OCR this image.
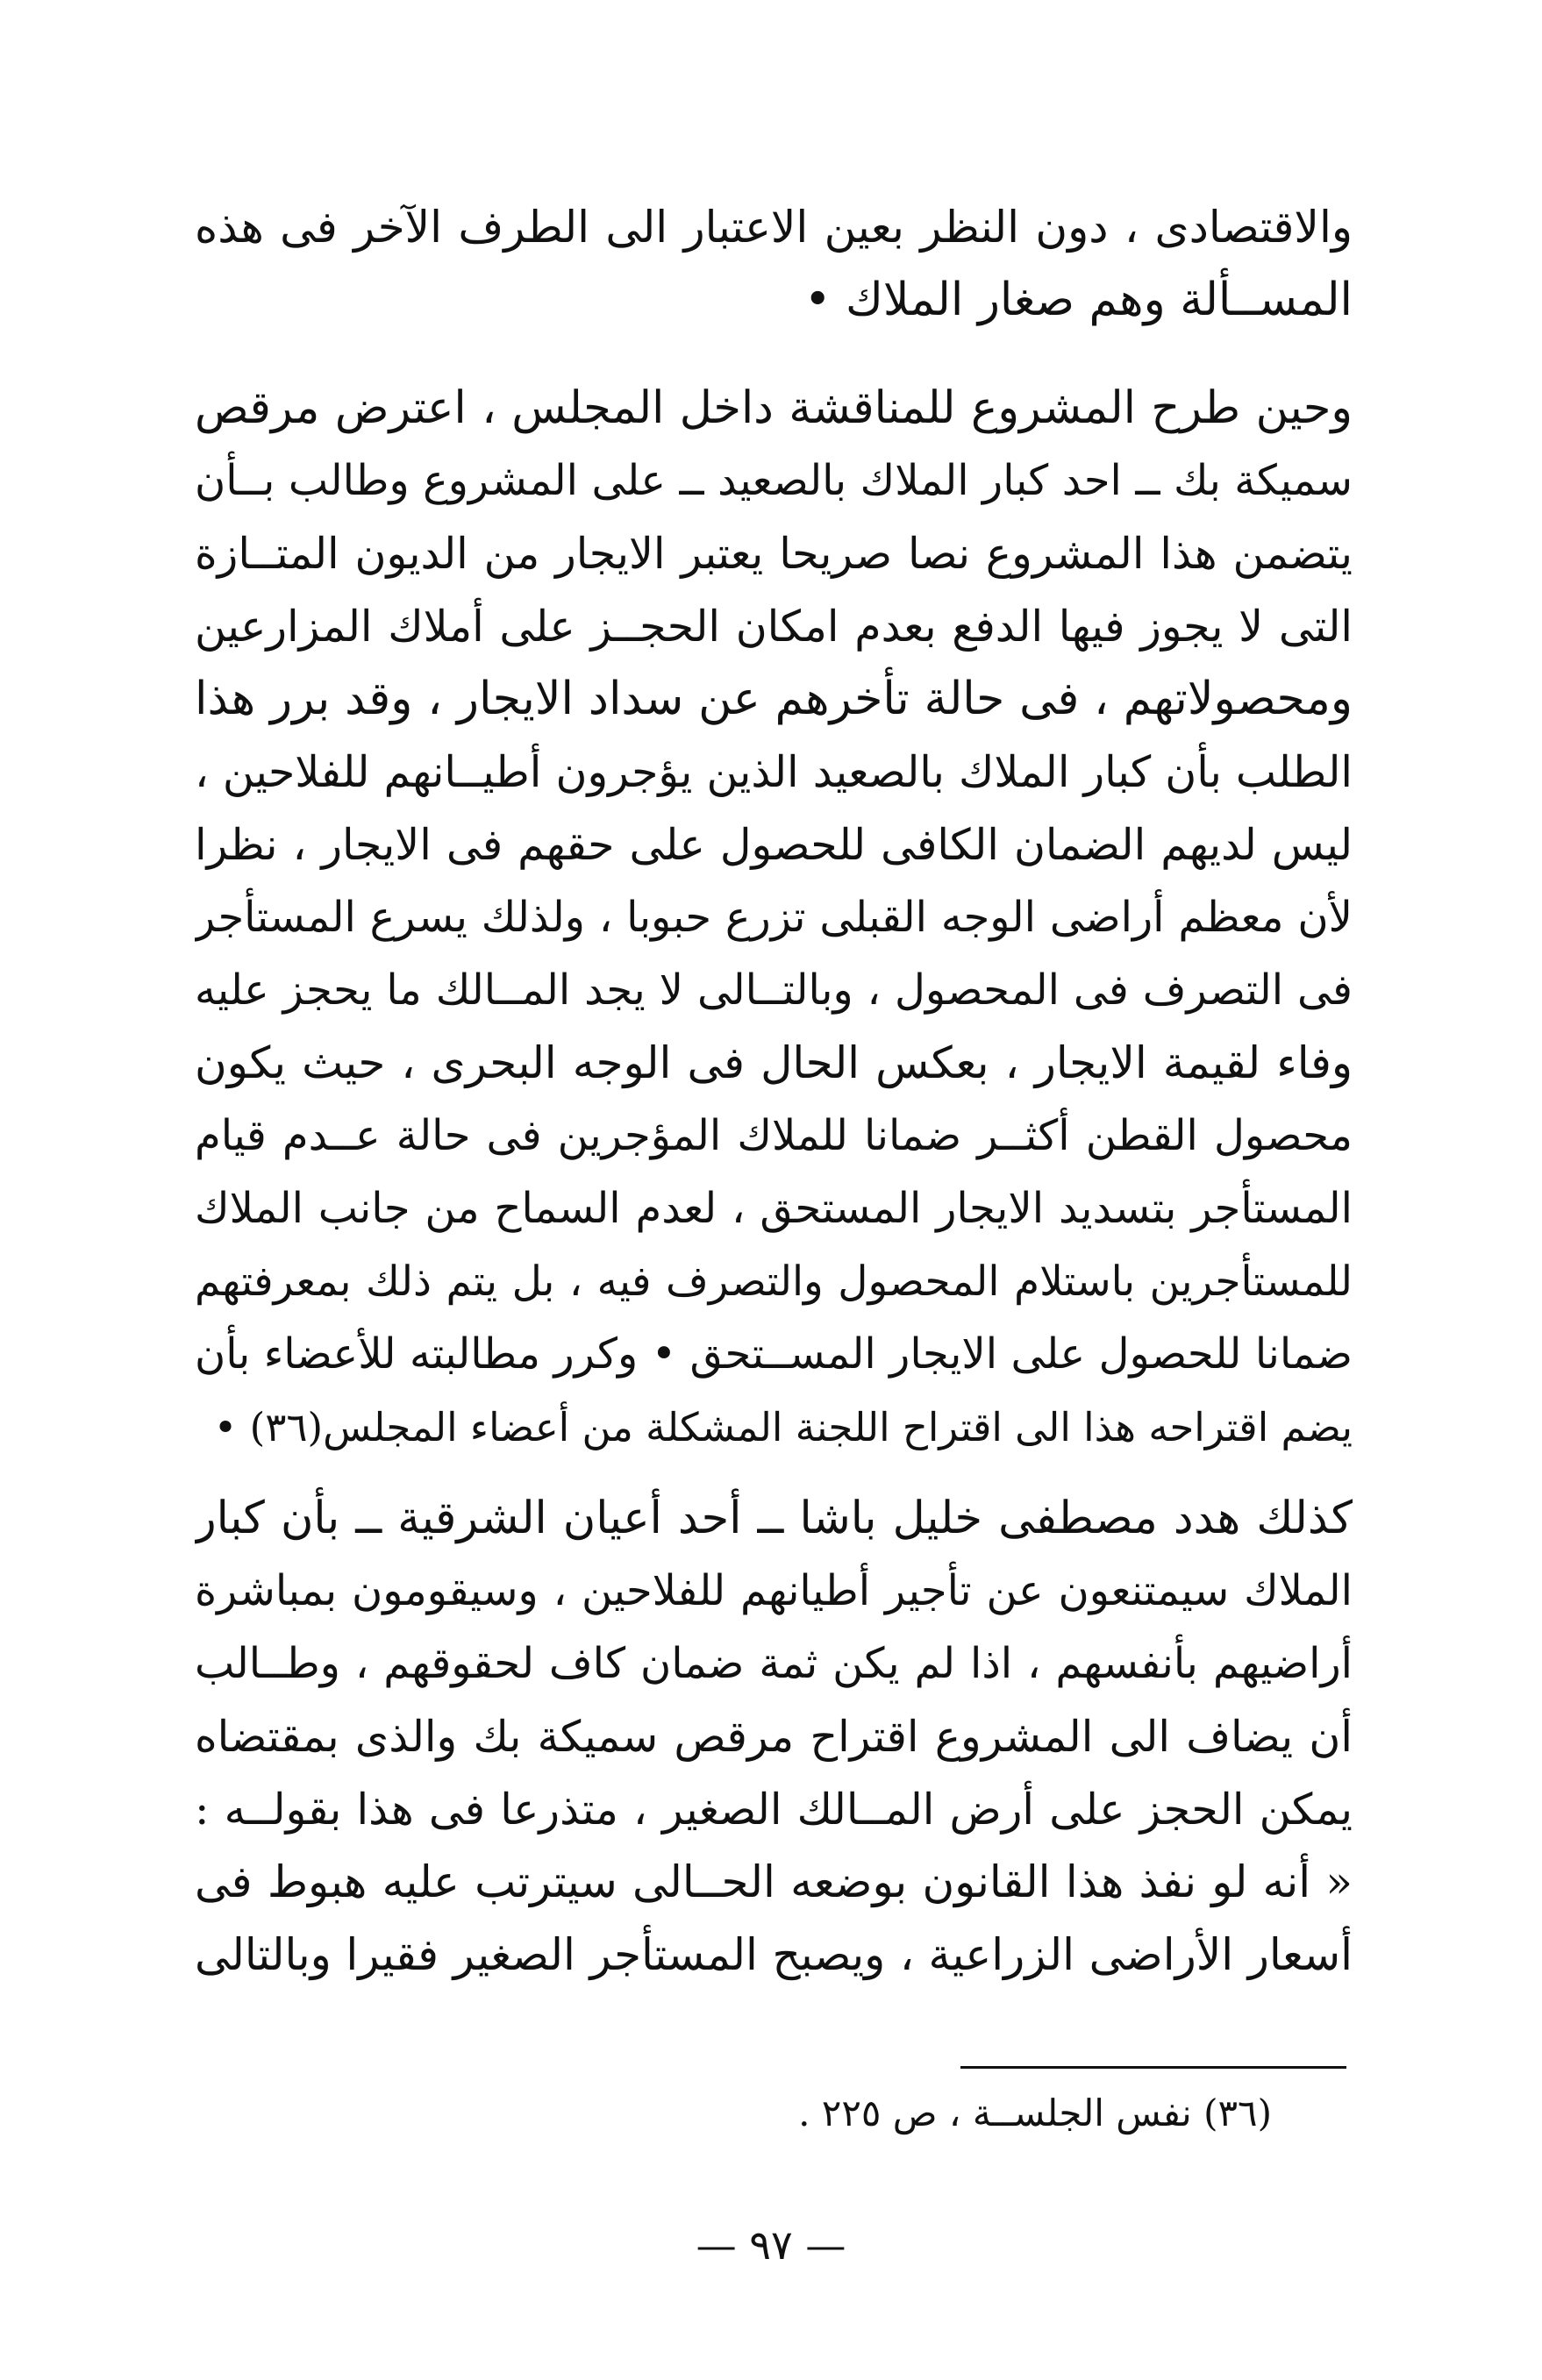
والاقتصادى ، دون النظر بعين الاعتبار الى الطرف الآخر فى هذه
المســألة وهم صغار الملاك •
وحين طرح المشروع للمناقشة داخل المجلس ، اعترض مرقص
سميكة بك ــ احد كبار الملاك بالصعيد ــ على المشروع وطالب بــأن
يتضمن هذا المشروع نصا صريحا يعتبر الايجار من الديون المتــازة
التى لا يجوز فيها الدفع بعدم امكان الحجــز على أملاك المزارعين
ومحصولاتهم ، فى حالة تأخرهم عن سداد الايجار ، وقد برر هذا
الطلب بأن كبار الملاك بالصعيد الذين يؤجرون أطيــانهم للفلاحين ،
ليس لديهم الضمان الكافى للحصول على حقهم فى الايجار ، نظرا
لأن معظم أراضى الوجه القبلى تزرع حبوبا ، ولذلك يسرع المستأجر
فى التصرف فى المحصول ، وبالتــالى لا يجد المــالك ما يحجز عليه
وفاء لقيمة الايجار ، بعكس الحال فى الوجه البحرى ، حيث يكون
محصول القطن أكثــر ضمانا للملاك المؤجرين فى حالة عــدم قيام
المستأجر بتسديد الايجار المستحق ، لعدم السماح من جانب الملاك
للمستأجرين باستلام المحصول والتصرف فيه ، بل يتم ذلك بمعرفتهم
ضمانا للحصول على الايجار المســتحق • وكرر مطالبته للأعضاء بأن
يضم اقتراحه هذا الى اقتراح اللجنة المشكلة من أعضاء المجلس(٣٦) •
كذلك هدد مصطفى خليل باشا ــ أحد أعيان الشرقية ــ بأن كبار
الملاك سيمتنعون عن تأجير أطيانهم للفلاحين ، وسيقومون بمباشرة
أراضيهم بأنفسهم ، اذا لم يكن ثمة ضمان كاف لحقوقهم ، وطــالب
أن يضاف الى المشروع اقتراح مرقص سميكة بك والذى بمقتضاه
يمكن الحجز على أرض المــالك الصغير ، متذرعا فى هذا بقولــه :
« أنه لو نفذ هذا القانون بوضعه الحــالى سيترتب عليه هبوط فى
أسعار الأراضى الزراعية ، ويصبح المستأجر الصغير فقيرا وبالتالى
(٣٦) نفس الجلســة ، ص ٢٢٥ .
— ٩٧ —
